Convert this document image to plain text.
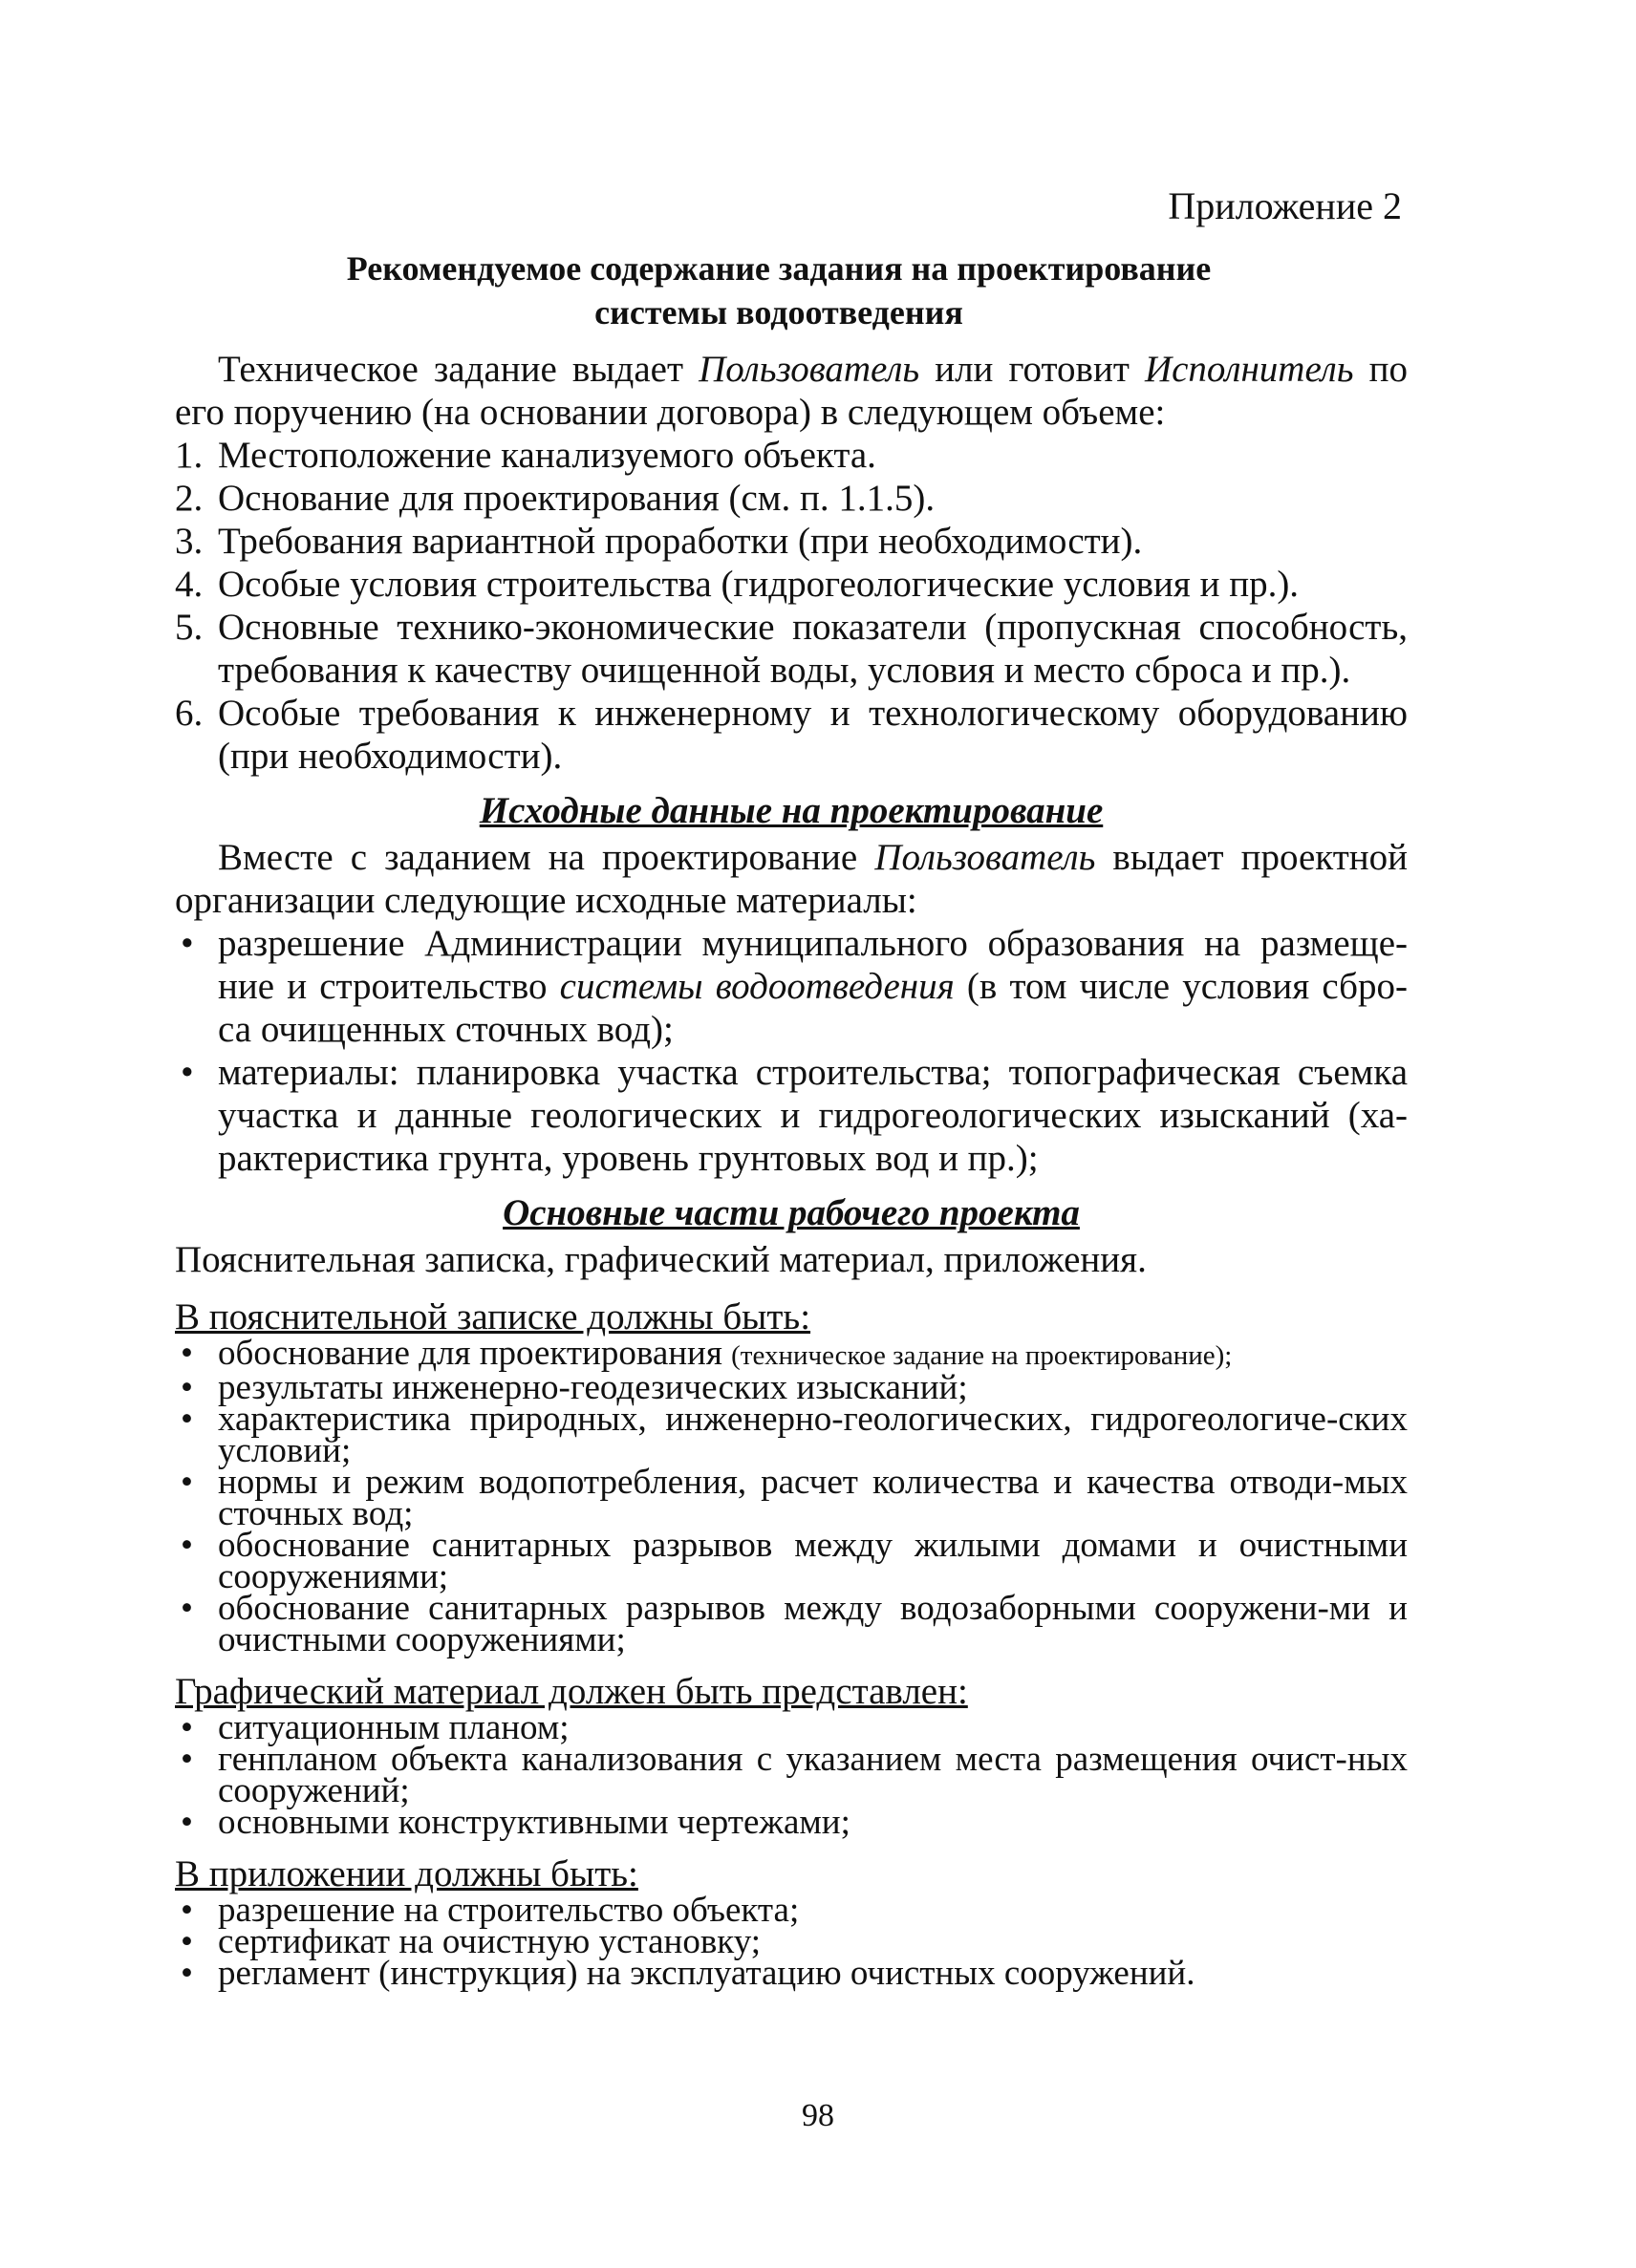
Приложение 2
Рекомендуемое содержание задания на проектирование
системы водоотведения

Техническое задание выдает Пользователь или готовит Исполнитель по его поручению (на основании договора) в следующем объеме:

1. Местоположение канализуемого объекта.
2. Основание для проектирования (см. п. 1.1.5).
3. Требования вариантной проработки (при необходимости).
4. Особые условия строительства (гидрогеологические условия и пр.).
5. Основные технико-экономические показатели (пропускная способность, требования к качеству очищенной воды, условия и место сброса и пр.).
6. Особые требования к инженерному и технологическому оборудованию (при необходимости).
Исходные данные на проектирование

Вместе с заданием на проектирование Пользователь выдает проектной организации следующие исходные материалы:

• разрешение Администрации муниципального образования на размеще-ние и строительство системы водоотведения (в том числе условия сбро-са очищенных сточных вод);
• материалы: планировка участка строительства; топографическая съемка участка и данные геологических и гидрогеологических изысканий (ха-рактеристика грунта, уровень грунтовых вод и пр.);
Основные части рабочего проекта

Пояснительная записка, графический материал, приложения.

В пояснительной записке должны быть:
• обоснование для проектирования (техническое задание на проектирование);
• результаты инженерно-геодезических изысканий;
• характеристика природных, инженерно-геологических, гидрогеологиче-ских условий;
• нормы и режим водопотребления, расчет количества и качества отводи-мых сточных вод;
• обоснование санитарных разрывов между жилыми домами и очистными сооружениями;
• обоснование санитарных разрывов между водозаборными сооружени-ми и очистными сооружениями;
Графический материал должен быть представлен:
• ситуационным планом;
• генпланом объекта канализования с указанием места размещения очист-ных сооружений;
• основными конструктивными чертежами;
В приложении должны быть:
• разрешение на строительство объекта;
• сертификат на очистную установку;
• регламент (инструкция) на эксплуатацию очистных сооружений.
98
